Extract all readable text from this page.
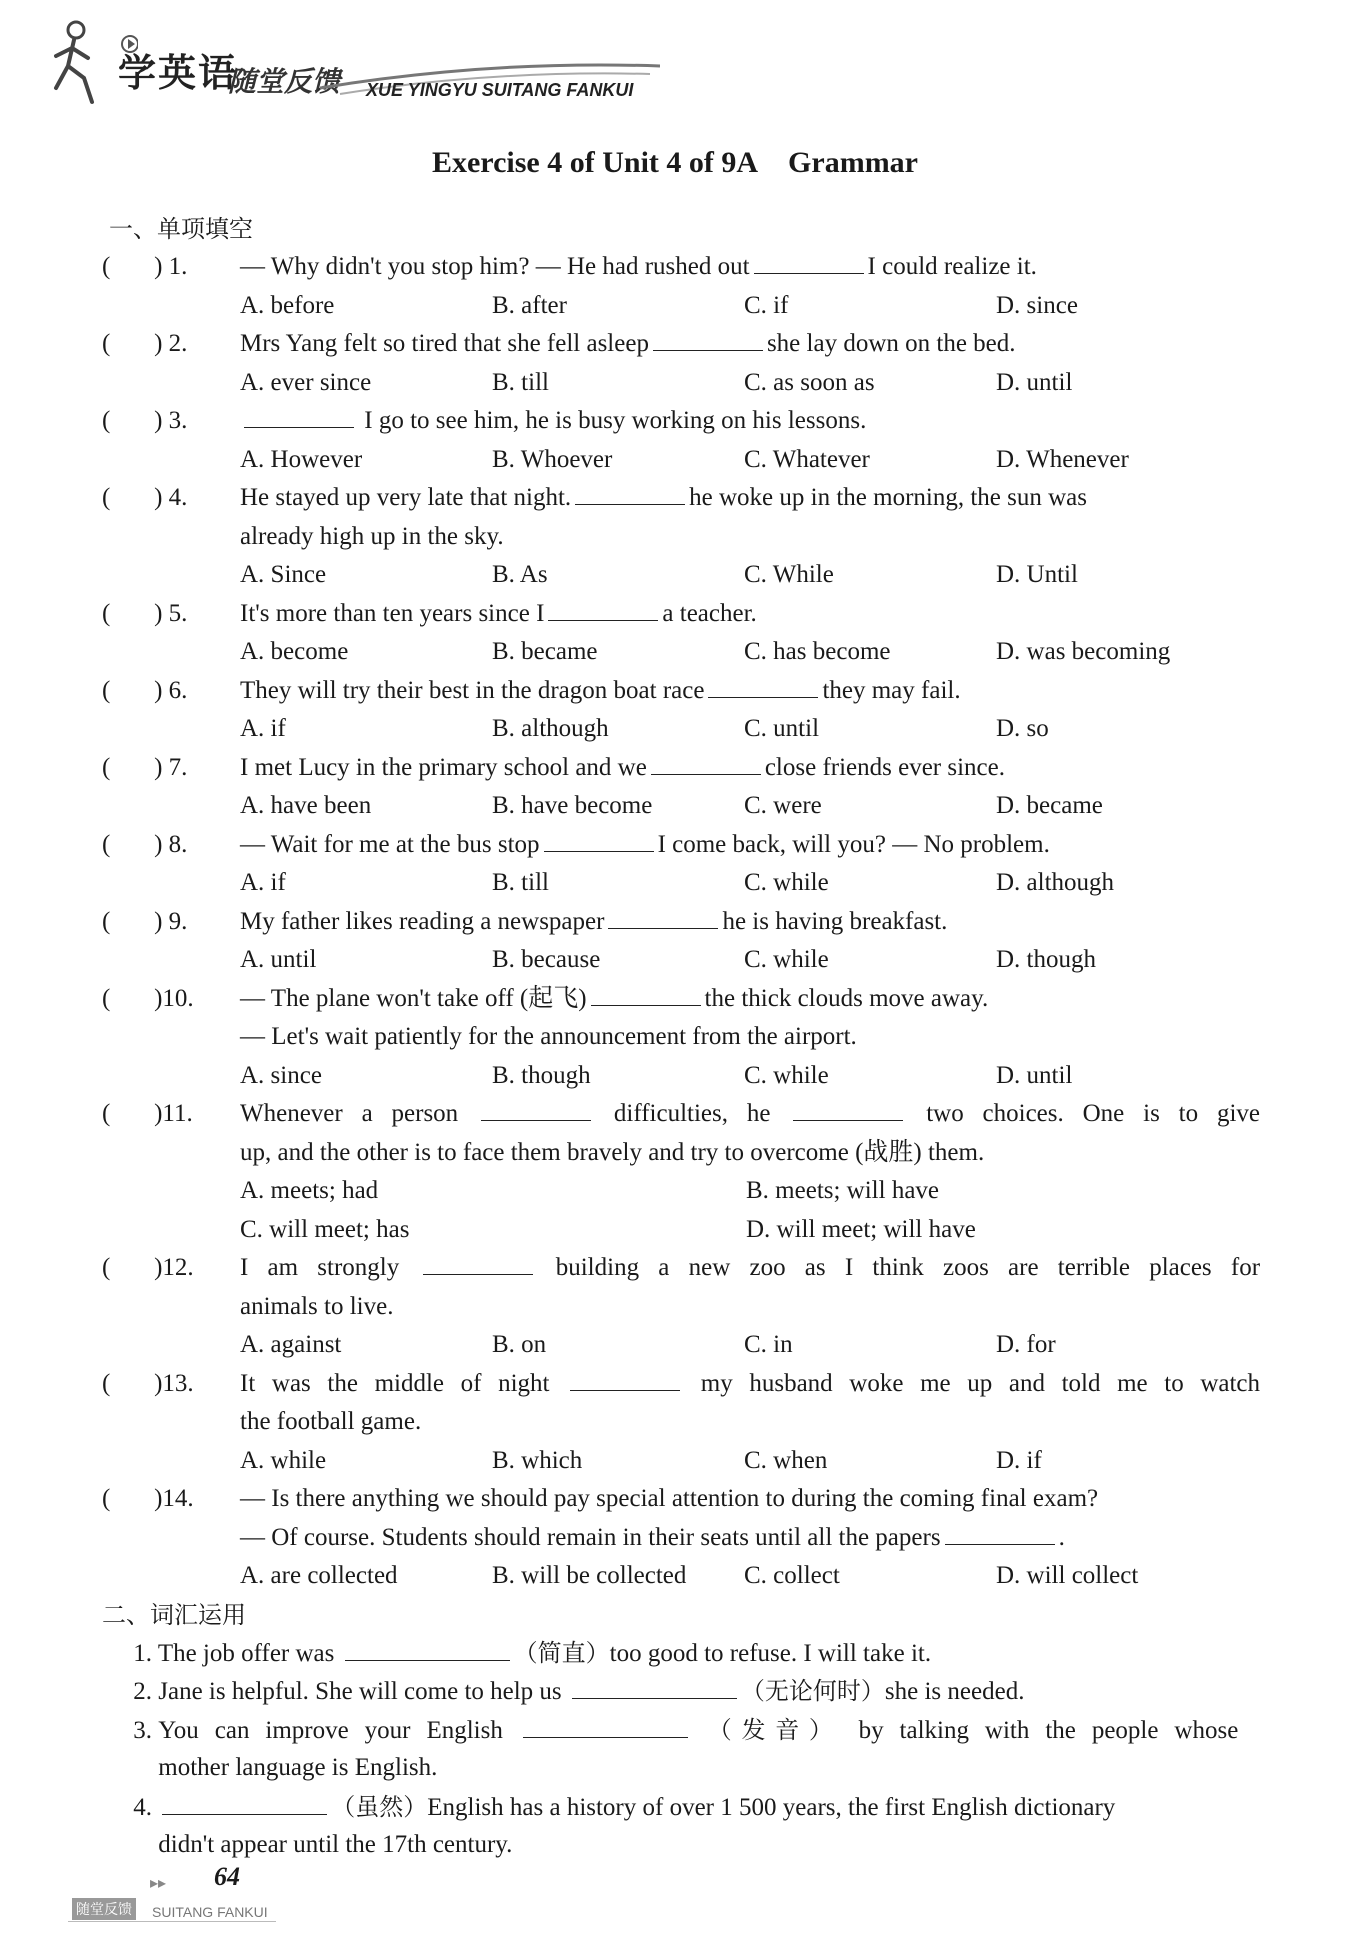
学英语
随堂反馈 XUE YINGYU SUITANG FANKUI
Exercise 4 of Unit 4 of 9A Grammar
一、单项填空
(       ) 1. — Why didn't you stop him? — He had rushed out	I could realize it.
A. before	B. after	C. if	D. since
(       ) 2. Mrs Yang felt so tired that she fell asleep	she lay down on the bed.
A. ever since	B. till	C. as soon as	D. until
(       ) 3.	I go to see him, he is busy working on his lessons.
A. However	B. Whoever	C. Whatever	D. Whenever
(       ) 4. He stayed up very late that night.	he woke up in the morning, the sun was
already high up in the sky.
A. Since	B. As	C. While	D. Until
(       ) 5. It's more than ten years since I	a teacher.
A. become	B. became	C. has become	D. was becoming
(       ) 6. They will try their best in the dragon boat race	they may fail.
A. if	B. although	C. until	D. so
(       ) 7. I met Lucy in the primary school and we	close friends ever since.
A. have been	B. have become	C. were	D. became
(       ) 8. — Wait for me at the bus stop	I come back, will you? — No problem.
A. if	B. till	C. while	D. although
(       ) 9. My father likes reading a newspaper	he is having breakfast.
A. until	B. because	C. while	D. though
(       )10. — The plane won't take off (起飞)	the thick clouds move away.
— Let's wait patiently for the announcement from the airport.
A. since	B. though	C. while	D. until
(       )11. Whenever a person	difficulties, he	two choices. One is to give
up, and the other is to face them bravely and try to overcome (战胜) them.
A. meets; had	B. meets; will have
C. will meet; has	D. will meet; will have
(       )12. I am strongly	building a new zoo as I think zoos are terrible places for
animals to live.
A. against	B. on	C. in	D. for
(       )13. It was the middle of night	my husband woke me up and told me to watch
the football game.
A. while	B. which	C. when	D. if
(       )14. — Is there anything we should pay special attention to during the coming final exam?
— Of course. Students should remain in their seats until all the papers	.
A. are collected	B. will be collected	C. collect	D. will collect
二、词汇运用
1. The job offer was	（简直）too good to refuse. I will take it.
2. Jane is helpful. She will come to help us	（无论何时）she is needed.
3. You can improve your English	（发音） by talking with the people whose
mother language is English.
4.	（虽然）English has a history of over 1 500 years, the first English dictionary
didn't appear until the 17th century.
▸▸ 64
随堂反馈 SUITANG FANKUI
